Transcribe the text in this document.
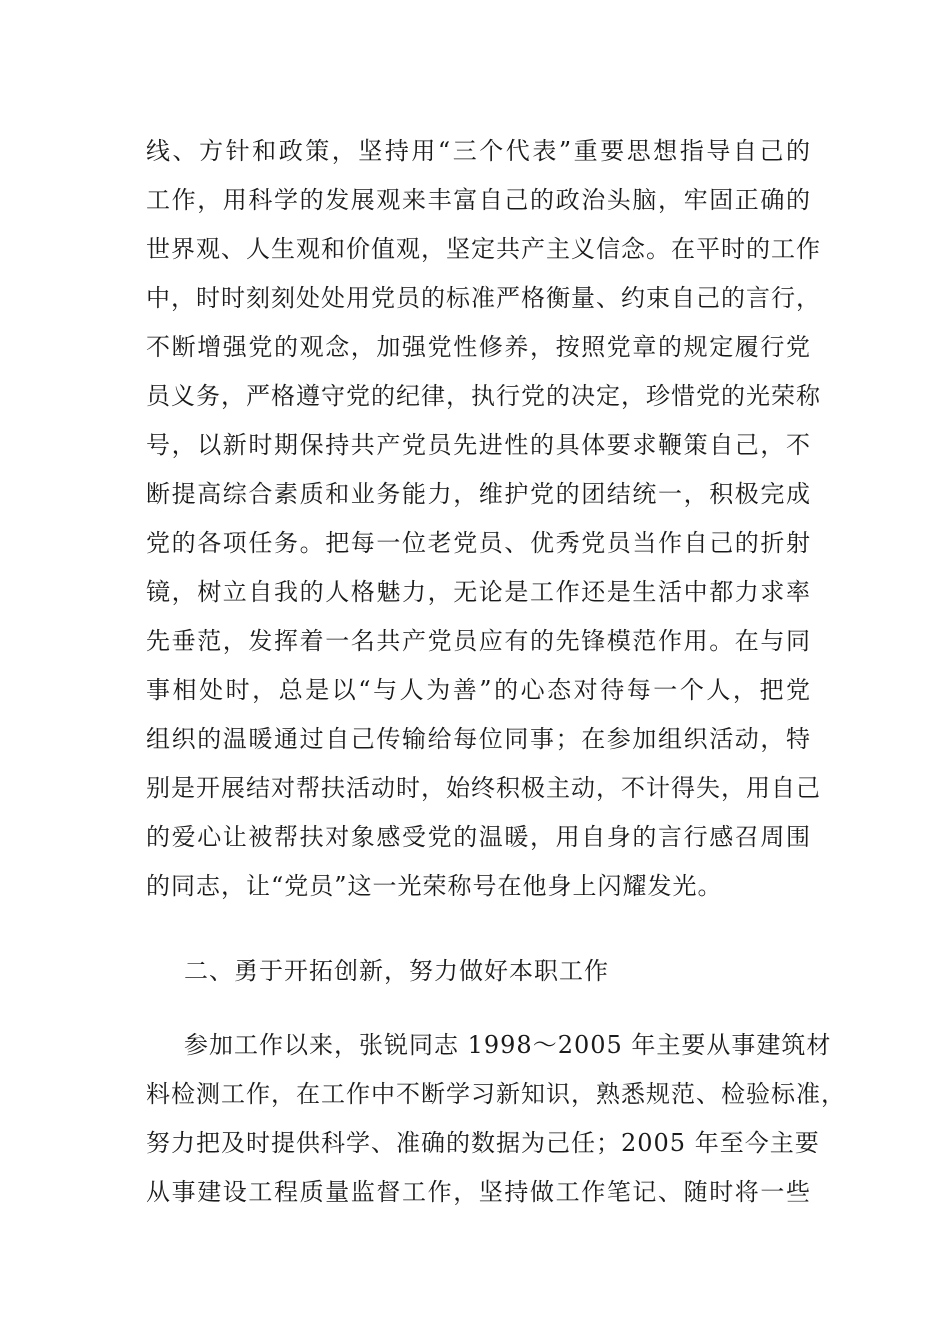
线、方针和政策，坚持用“三个代表”重要思想指导自己的
工作，用科学的发展观来丰富自己的政治头脑，牢固正确的
世界观、人生观和价值观，坚定共产主义信念。在平时的工作
中，时时刻刻处处用党员的标准严格衡量、约束自己的言行，
不断增强党的观念，加强党性修养，按照党章的规定履行党
员义务，严格遵守党的纪律，执行党的决定，珍惜党的光荣称
号，以新时期保持共产党员先进性的具体要求鞭策自己，不
断提高综合素质和业务能力，维护党的团结统一，积极完成
党的各项任务。把每一位老党员、优秀党员当作自己的折射
镜，树立自我的人格魅力，无论是工作还是生活中都力求率
先垂范，发挥着一名共产党员应有的先锋模范作用。在与同
事相处时，总是以“与人为善”的心态对待每一个人，把党
组织的温暖通过自己传输给每位同事；在参加组织活动，特
别是开展结对帮扶活动时，始终积极主动，不计得失，用自己
的爱心让被帮扶对象感受党的温暖，用自身的言行感召周围
的同志，让“党员”这一光荣称号在他身上闪耀发光。
二、勇于开拓创新，努力做好本职工作
参加工作以来，张锐同志 1998～2005 年主要从事建筑材
料检测工作，在工作中不断学习新知识，熟悉规范、检验标准，
努力把及时提供科学、准确的数据为己任；2005 年至今主要
从事建设工程质量监督工作，坚持做工作笔记、随时将一些
